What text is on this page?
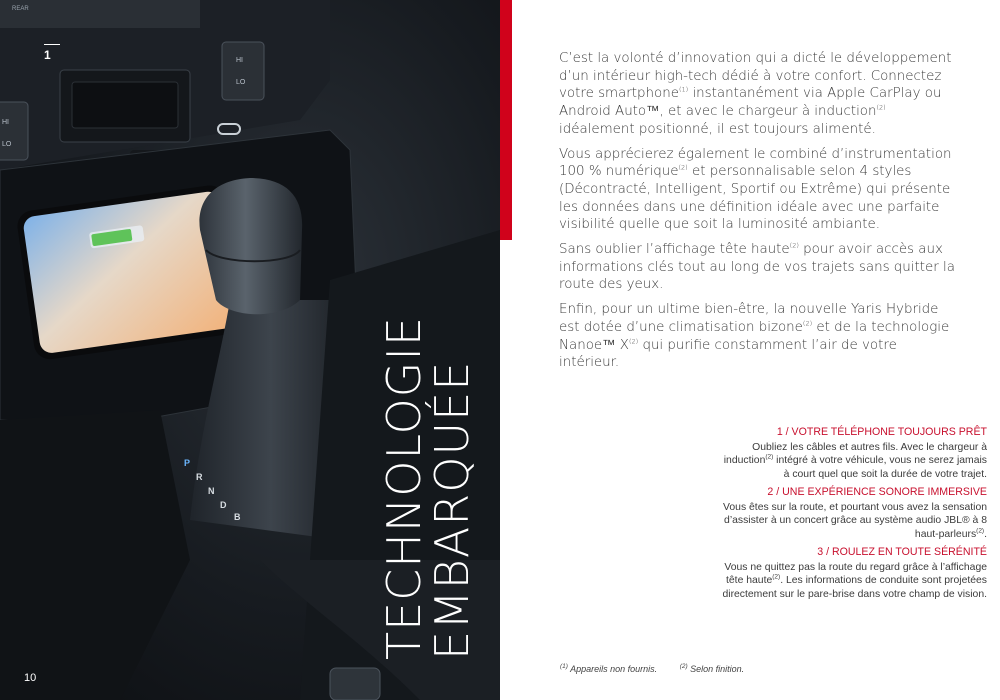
REAR
HI
LO
HI
LO
P
R
N
D
B
1
10
TECHNOLOGIE
EMBARQUÉE

C’est la volonté d’innovation qui a dicté le développement d’un intérieur high-tech dédié à votre confort. Connectez votre smartphone$^{(1)}$ instantanément via Apple CarPlay ou Android Auto™, et avec le chargeur à induction$^{(2)}$ idéalement positionné, il est toujours alimenté.

Vous apprécierez également le combiné d’instrumentation 100 % numérique$^{(2)}$ et personnalisable selon 4 styles (Décontracté, Intelligent, Sportif ou Extrême) qui présente les données dans une définition idéale avec une parfaite visibilité quelle que soit la luminosité ambiante.

Sans oublier l’affichage tête haute$^{(2)}$ pour avoir accès aux informations clés tout au long de vos trajets sans quitter la route des yeux.

Enfin, pour un ultime bien-être, la nouvelle Yaris Hybride est dotée d’une climatisation bizone$^{(2)}$ et de la technologie Nanoe™ $X^{(2)}$ qui purifie constamment l’air de votre intérieur.

1 / VOTRE TÉLÉPHONE TOUJOURS PRÊT
Oubliez les câbles et autres fils. Avec le chargeur à induction$^{(2)}$ intégré à votre véhicule, vous ne serez jamais à court quel que soit la durée de votre trajet.
2 / UNE EXPÉRIENCE SONORE IMMERSIVE
Vous êtes sur la route, et pourtant vous avez la sensation d’assister à un concert grâce au système audio JBL® à 8 haut-parleurs$^{(2)}$.
3 / ROULEZ EN TOUTE SÉRÉNITÉ
Vous ne quittez pas la route du regard grâce à l’affichage tête haute$^{(2)}$. Les informations de conduite sont projetées directement sur le pare-brise dans votre champ de vision.
$^{(1)}$ Appareils non fournis.	$^{(2)}$ Selon finition.
